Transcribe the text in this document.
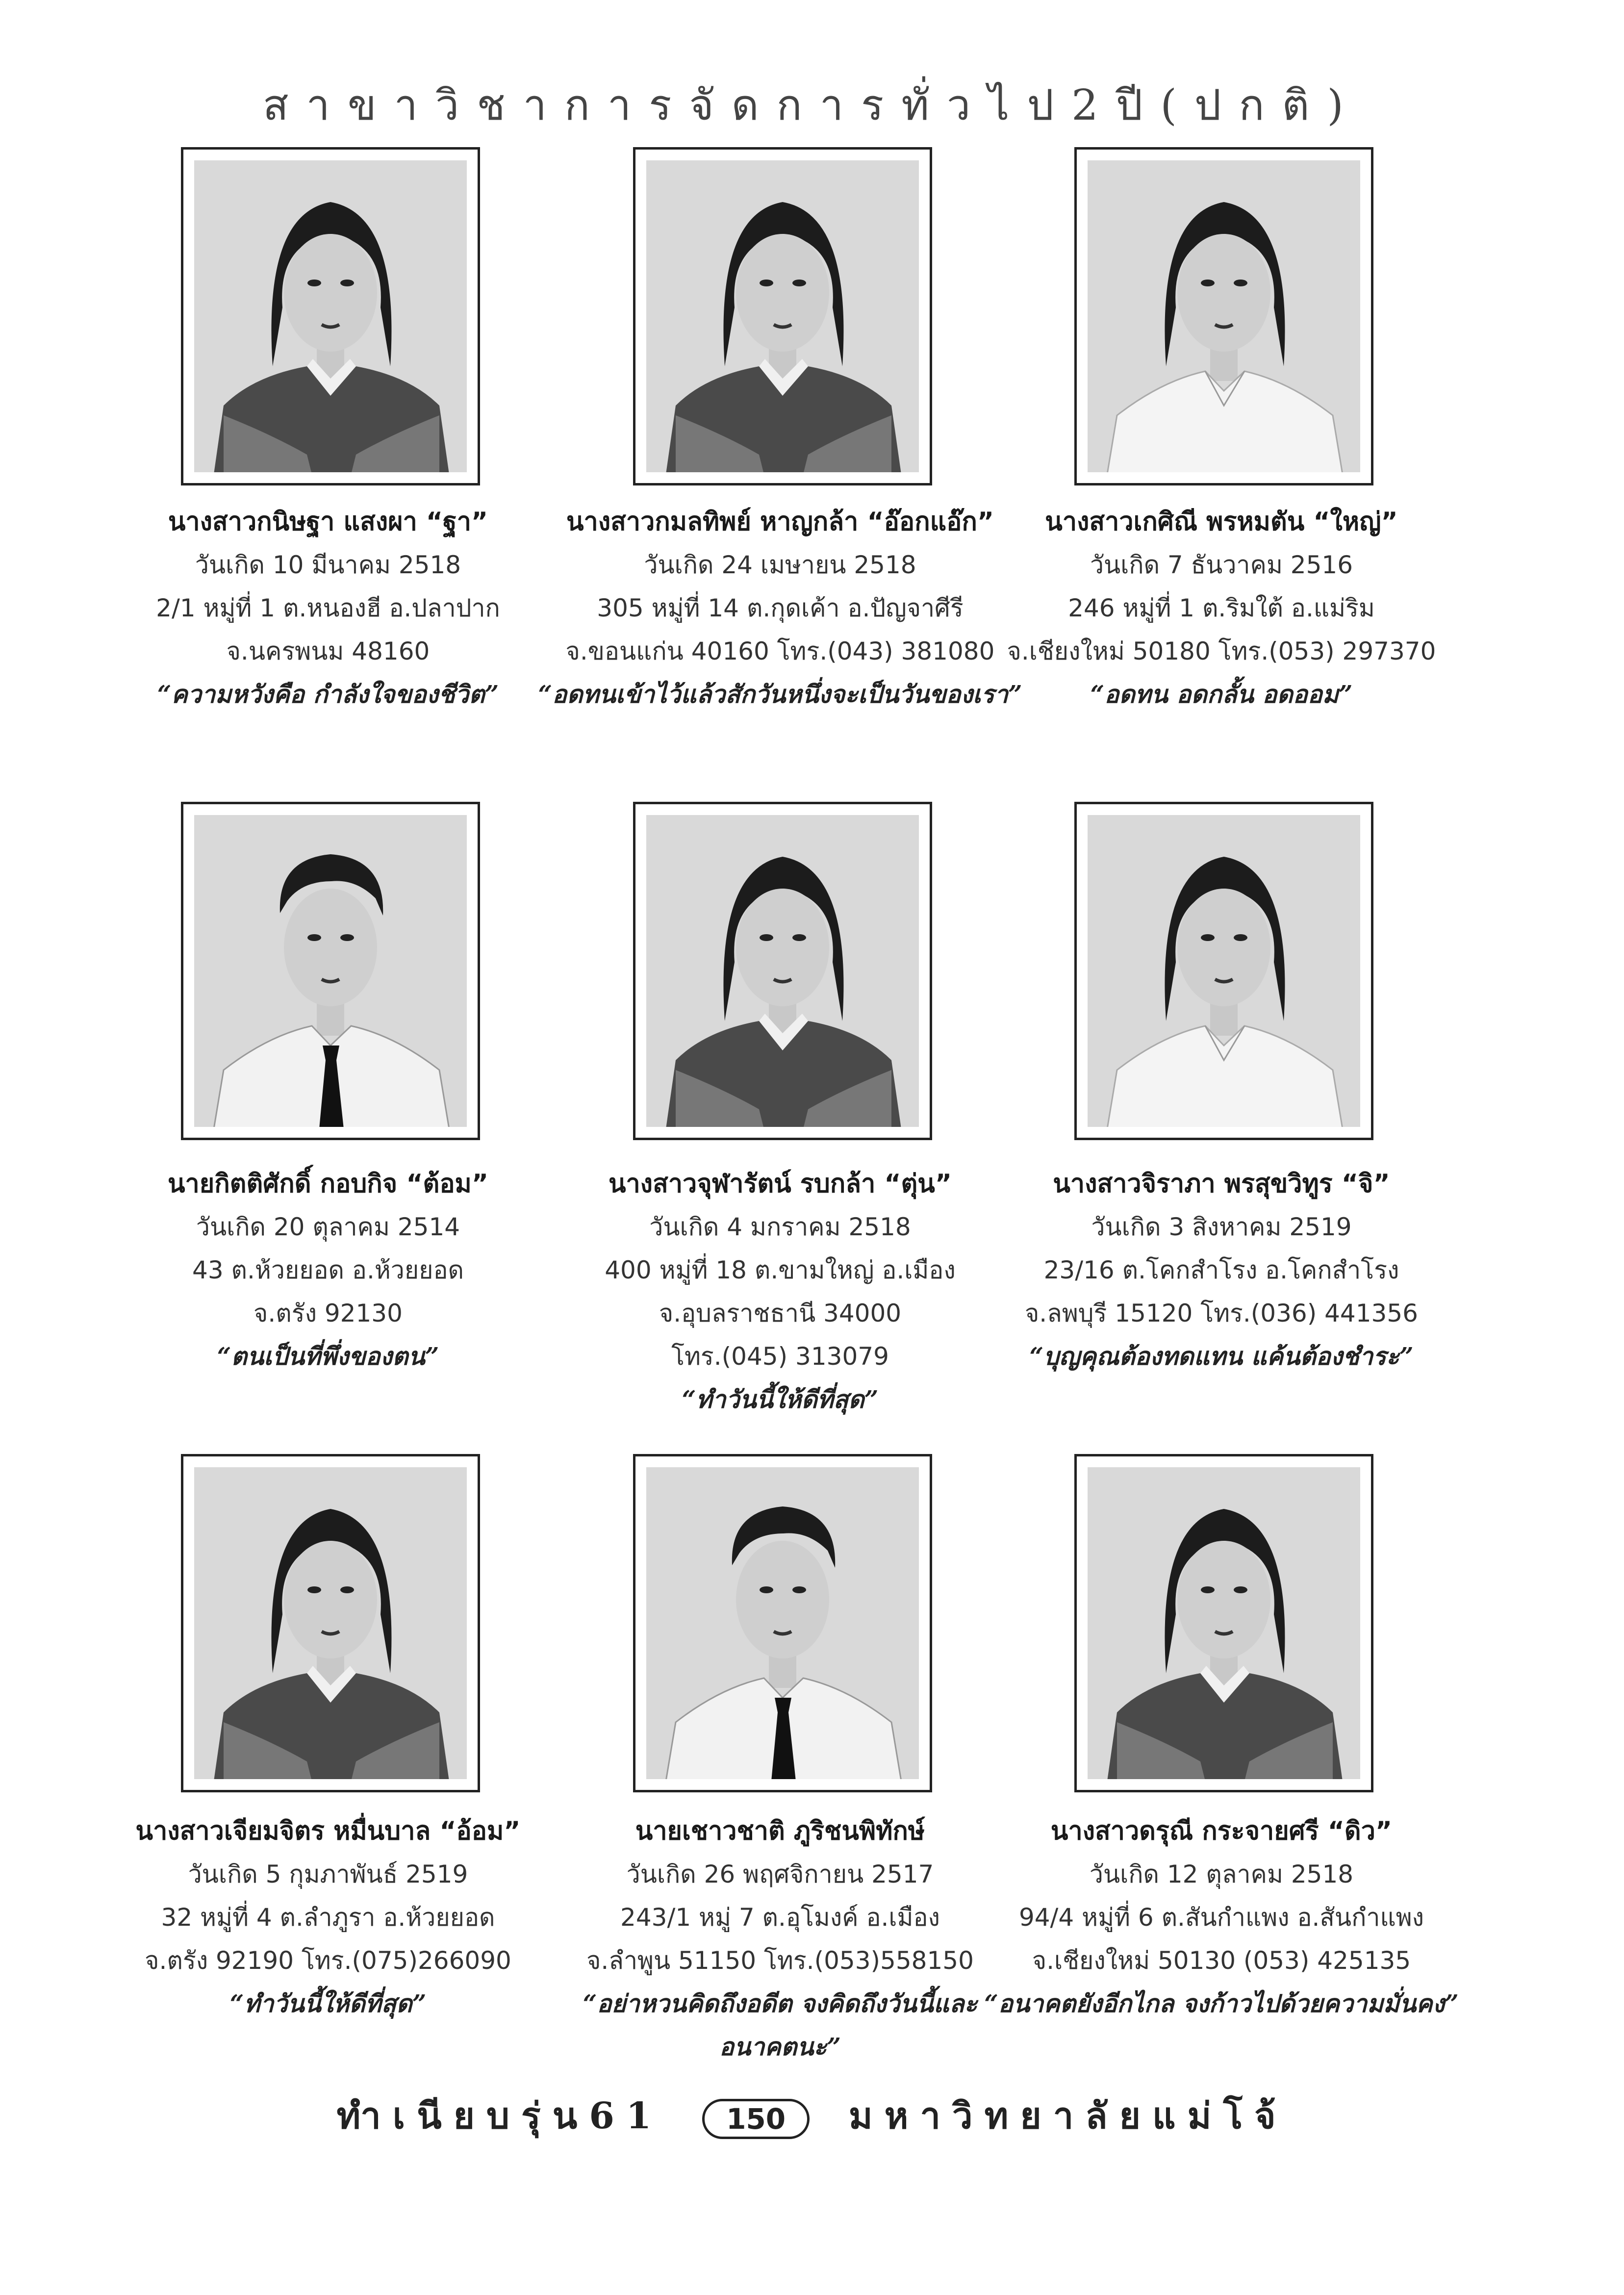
สาขาวิชาการจัดการทั่วไป2ปี(ปกติ)
นางสาวกนิษฐา แสงผา “ฐา”
วันเกิด 10 มีนาคม 2518
2/1 หมู่ที่ 1 ต.หนองฮี อ.ปลาปาก
จ.นครพนม 48160
“ความหวังคือ กำลังใจของชีวิต”
นางสาวกมลทิพย์ หาญกล้า “อ๊อกแอ๊ก”
วันเกิด 24 เมษายน 2518
305 หมู่ที่ 14 ต.กุดเค้า อ.ปัญจาศีรี
จ.ขอนแก่น 40160 โทร.(043) 381080
“อดทนเข้าไว้แล้วสักวันหนึ่งจะเป็นวันของเรา”
นางสาวเกศิณี พรหมตัน “ใหญ่”
วันเกิด 7 ธันวาคม 2516
246 หมู่ที่ 1 ต.ริมใต้ อ.แม่ริม
จ.เชียงใหม่ 50180 โทร.(053) 297370
“อดทน อดกลั้น อดออม”
นายกิตติศักดิ์ กอบกิจ “ต้อม”
วันเกิด 20 ตุลาคม 2514
43 ต.ห้วยยอด อ.ห้วยยอด
จ.ตรัง 92130
“ตนเป็นที่พึ่งของตน”
นางสาวจุฬารัตน์ รบกล้า “ตุ่น”
วันเกิด 4 มกราคม 2518
400 หมู่ที่ 18 ต.ขามใหญ่ อ.เมือง
จ.อุบลราชธานี 34000
โทร.(045) 313079
“ทำวันนี้ให้ดีที่สุด”
นางสาวจิราภา พรสุขวิทูร “จิ”
วันเกิด 3 สิงหาคม 2519
23/16 ต.โคกสำโรง อ.โคกสำโรง
จ.ลพบุรี 15120 โทร.(036) 441356
“บุญคุณต้องทดแทน แค้นต้องชำระ”
นางสาวเจียมจิตร หมื่นบาล “อ้อม”
วันเกิด 5 กุมภาพันธ์ 2519
32 หมู่ที่ 4 ต.ลำภูรา อ.ห้วยยอด
จ.ตรัง 92190 โทร.(075)266090
“ทำวันนี้ให้ดีที่สุด”
นายเชาวชาติ ภูริชนพิทักษ์
วันเกิด 26 พฤศจิกายน 2517
243/1 หมู่ 7 ต.อุโมงค์ อ.เมือง
จ.ลำพูน 51150 โทร.(053)558150
“อย่าหวนคิดถึงอดีต จงคิดถึงวันนี้และ
อนาคตนะ”
นางสาวดรุณี กระจายศรี “ดิว”
วันเกิด 12 ตุลาคม 2518
94/4 หมู่ที่ 6 ต.สันกำแพง อ.สันกำแพง
จ.เชียงใหม่ 50130 (053) 425135
“อนาคตยังอีกไกล จงก้าวไปด้วยความมั่นคง”
ทำเนียบรุ่น61 150 มหาวิทยาลัยแม่โจ้
